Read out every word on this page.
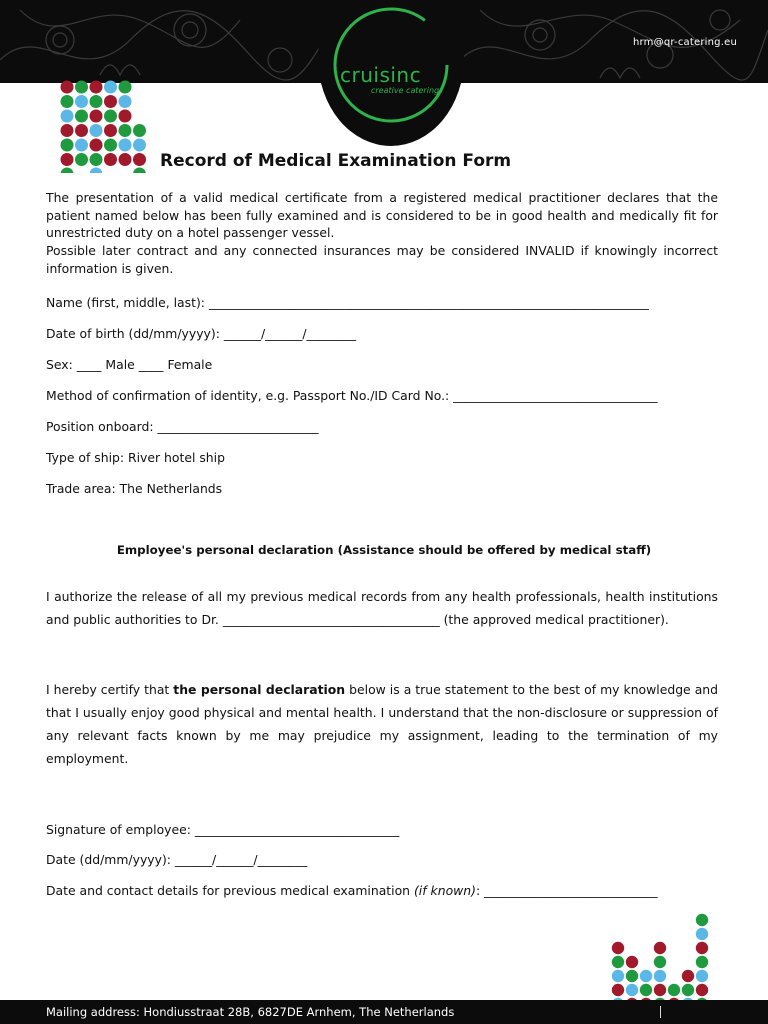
hrm@qr-catering.eu
cruisinc
creative catering
Record of Medical Examination Form

The presentation of a valid medical certificate from a registered medical practitioner declares that the patient named below has been fully examined and is considered to be in good health and medically fit for unrestricted duty on a hotel passenger vessel.

Possible later contract and any connected insurances may be considered INVALID if knowingly incorrect information is given.

Name (first, middle, last): _______________________________________________________________________

Date of birth (dd/mm/yyyy): ______/______/________

Sex: ____ Male ____ Female

Method of confirmation of identity, e.g. Passport No./ID Card No.: _________________________________

Position onboard: __________________________

Type of ship: River hotel ship

Trade area: The Netherlands

Employee's personal declaration (Assistance should be offered by medical staff)

I authorize the release of all my previous medical records from any health professionals, health institutions and public authorities to Dr. ___________________________________ (the approved medical practitioner).

I hereby certify that the personal declaration below is a true statement to the best of my knowledge and that I usually enjoy good physical and mental health. I understand that the non-disclosure or suppression of any relevant facts known by me may prejudice my assignment, leading to the termination of my employment.

Signature of employee: _________________________________

Date (dd/mm/yyyy): ______/______/________

Date and contact details for previous medical examination (if known): ____________________________

Mailing address: Hondiusstraat 28B, 6827DE Arnhem, The Netherlands
